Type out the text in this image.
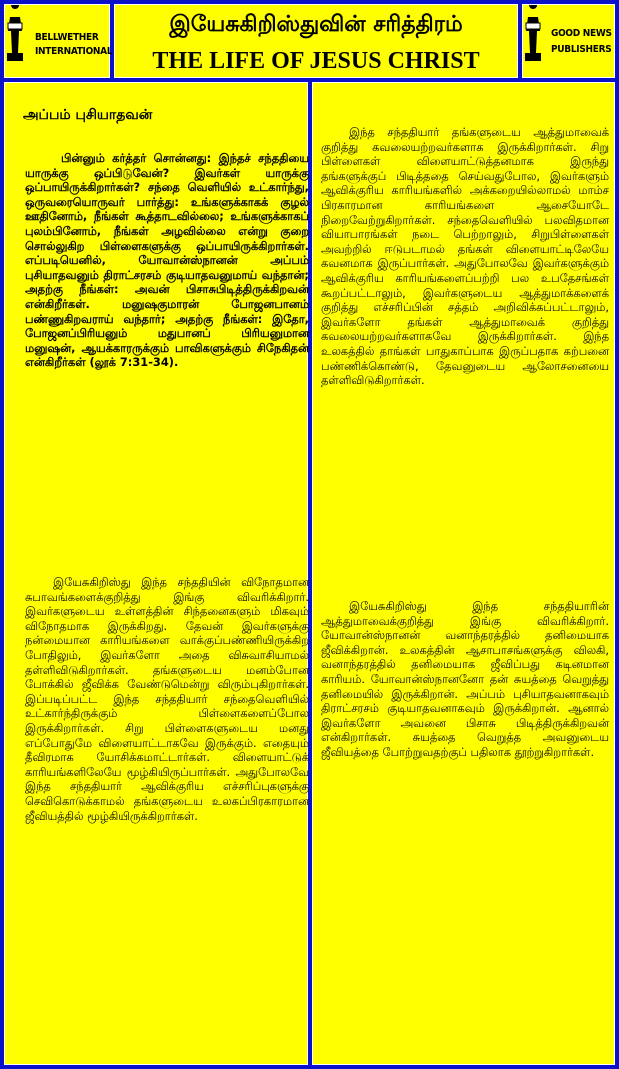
BELLWETHER
INTERNATIONAL
இயேசுகிறிஸ்துவின் சரித்திரம்
THE LIFE OF JESUS CHRIST
GOOD NEWS
PUBLISHERS
அப்பம் புசியாதவன்

பின்னும் கர்த்தர் சொன்னது: இந்தச் சந்ததியை யாருக்கு ஒப்பிடுவேன்? இவர்கள் யாருக்கு ஒப்பாயிருக்கிறார்கள்? சந்தை வெளியில் உட்கார்ந்து, ஒருவரையொருவர் பார்த்து: உங்களுக்காகக் குழல் ஊதினோம், நீங்கள் கூத்தாடவில்லை; உங்களுக்காகப் புலம்பினோம், நீங்கள் அழவில்லை என்று குறை சொல்லுகிற பிள்ளைகளுக்கு ஒப்பாயிருக்கிறார்கள். எப்படியெனில், யோவான்ஸ்நானன் அப்பம் புசியாதவனும் திராட்சரசம் குடியாதவனுமாய் வந்தான்; அதற்கு நீங்கள்: அவன் பிசாசுபிடித்திருக்கிறவன் என்கிறீர்கள். மனுஷகுமாரன் போஜனபானம் பண்ணுகிறவராய் வந்தார்; அதற்கு நீங்கள்: இதோ, போஜனப்பிரியனும் மதுபானப் பிரியனுமான மனுஷன், ஆயக்காரருக்கும் பாவிகளுக்கும் சிநேகிதன் என்கிறீர்கள் (லூக் 7:31-34).

இயேசுகிறிஸ்து இந்த சந்ததியின் விநோதமான சுபாவங்களைக்குறித்து இங்கு விவரிக்கிறார். இவர்களுடைய உள்ளத்தின் சிந்தனைகளும் மிகவும் விநோதமாக இருக்கிறது. தேவன் இவர்களுக்கு நன்மையான காரியங்களை வாக்குப்பண்ணியிருக்கிற போதிலும், இவர்களோ அதை விசுவாசியாமல் தள்ளிவிடுகிறார்கள். தங்களுடைய மனம்போன போக்கில் ஜீவிக்க வேண்டுமென்று விரும்புகிறார்கள். இப்படிப்பட்ட இந்த சந்ததியார் சந்தைவெளியில் உட்கார்ந்திருக்கும் பிள்ளைகளைப்போல இருக்கிறார்கள். சிறு பிள்ளைகளுடைய மனது எப்போதுமே விளையாட்டாகவே இருக்கும். எதையும் தீவிரமாக யோசிக்கமாட்டார்கள். விளையாட்டுக் காரியங்களிலேயே மூழ்கியிருப்பார்கள். அதுபோலவே இந்த சந்ததியார் ஆவிக்குரிய எச்சரிப்புகளுக்கு செவிகொடுக்காமல் தங்களுடைய உலகப்பிரகாரமான ஜீவியத்தில் மூழ்கியிருக்கிறார்கள்.

இந்த சந்ததியார் தங்களுடைய ஆத்துமாவைக் குறித்து கவலையற்றவர்களாக இருக்கிறார்கள். சிறு பிள்ளைகள் விளையாட்டுத்தனமாக இருந்து தங்களுக்குப் பிடித்ததை செய்வதுபோல, இவர்களும் ஆவிக்குரிய காரியங்களில் அக்கறையில்லாமல் மாம்ச பிரகாரமான காரியங்களை ஆசையோடே நிறைவேற்றுகிறார்கள். சந்தைவெளியில் பலவிதமான வியாபாரங்கள் நடை பெற்றாலும், சிறுபிள்ளைகள் அவற்றில் ஈடுபடாமல் தங்கள் விளையாட்டிலேயே கவனமாக இருப்பார்கள். அதுபோலவே இவர்களுக்கும் ஆவிக்குரிய காரியங்களைப்பற்றி பல உபதேசங்கள் கூறப்பட்டாலும், இவர்களுடைய ஆத்துமாக்களைக் குறித்து எச்சரிப்பின் சத்தம் அறிவிக்கப்பட்டாலும், இவர்களோ தங்கள் ஆத்துமாவைக் குறித்து கவலையற்றவர்களாகவே இருக்கிறார்கள். இந்த உலகத்தில் தாங்கள் பாதுகாப்பாக இருப்பதாக கற்பனை பண்ணிக்கொண்டு, தேவனுடைய ஆலோசனையை தள்ளிவிடுகிறார்கள்.

இயேசுகிறிஸ்து இந்த சந்ததியாரின் ஆத்துமாவைக்குறித்து இங்கு விவரிக்கிறார். யோவான்ஸ்நானன் வனாந்தரத்தில் தனிமையாக ஜீவிக்கிறான். உலகத்தின் ஆசாபாசங்களுக்கு விலகி, வனாந்தரத்தில் தனிமையாக ஜீவிப்பது கடினமான காரியம். யோவான்ஸ்நானனோ தன் சுயத்தை வெறுத்து தனிமையில் இருக்கிறான். அப்பம் புசியாதவனாகவும் திராட்சரசம் குடியாதவனாகவும் இருக்கிறான். ஆனால் இவர்களோ அவனை பிசாசு பிடித்திருக்கிறவன் என்கிறார்கள். சுயத்தை வெறுத்த அவனுடைய ஜீவியத்தை போற்றுவதற்குப் பதிலாக தூற்றுகிறார்கள்.
